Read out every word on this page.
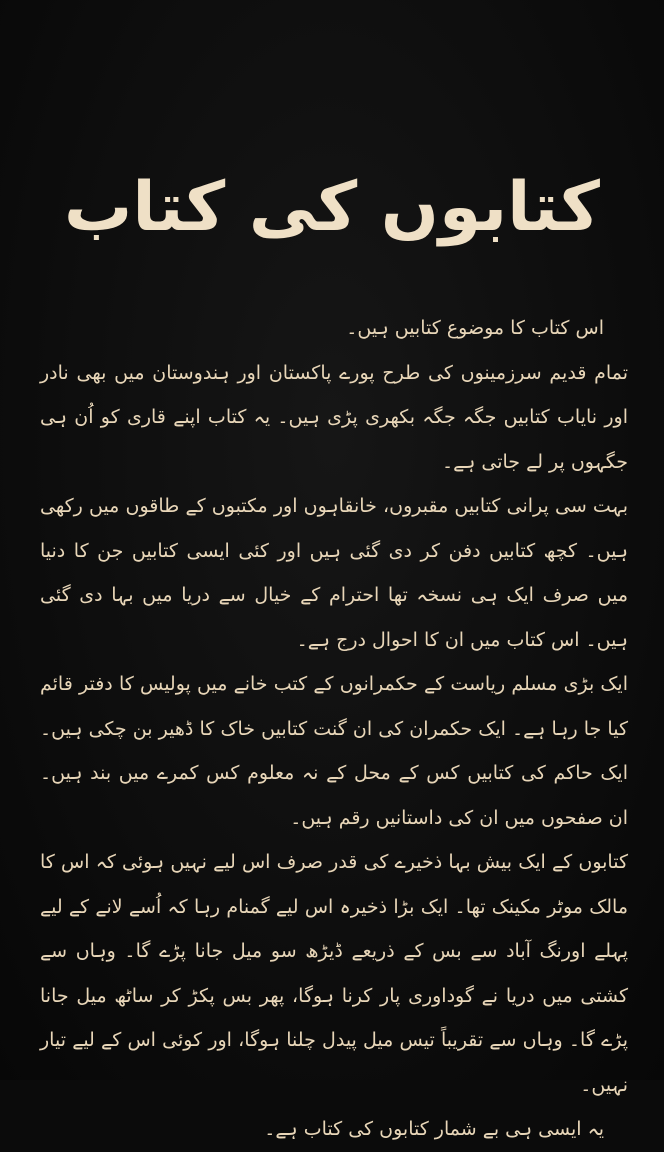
کتابوں کی کتاب

اس کتاب کا موضوع کتابیں ہیں۔

تمام قدیم سرزمینوں کی طرح پورے پاکستان اور ہندوستان میں بھی نادر اور نایاب کتابیں جگہ جگہ بکھری پڑی ہیں۔ یہ کتاب اپنے قاری کو اُن ہی جگہوں پر لے جاتی ہے۔

بہت سی پرانی کتابیں مقبروں، خانقاہوں اور مکتبوں کے طاقوں میں رکھی ہیں۔ کچھ کتابیں دفن کر دی گئی ہیں اور کئی ایسی کتابیں جن کا دنیا میں صرف ایک ہی نسخہ تھا احترام کے خیال سے دریا میں بہا دی گئی ہیں۔ اس کتاب میں ان کا احوال درج ہے۔

ایک بڑی مسلم ریاست کے حکمرانوں کے کتب خانے میں پولیس کا دفتر قائم کیا جا رہا ہے۔ ایک حکمران کی ان گنت کتابیں خاک کا ڈھیر بن چکی ہیں۔ ایک حاکم کی کتابیں کس کے محل کے نہ معلوم کس کمرے میں بند ہیں۔ ان صفحوں میں ان کی داستانیں رقم ہیں۔

کتابوں کے ایک بیش بہا ذخیرے کی قدر صرف اس لیے نہیں ہوئی کہ اس کا مالک موٹر مکینک تھا۔ ایک بڑا ذخیرہ اس لیے گمنام رہا کہ اُسے لانے کے لیے پہلے اورنگ آباد سے بس کے ذریعے ڈیڑھ سو میل جانا پڑے گا۔ وہاں سے کشتی میں دریا نے گوداوری پار کرنا ہوگا، پھر بس پکڑ کر ساٹھ میل جانا پڑے گا۔ وہاں سے تقریباً تیس میل پیدل چلنا ہوگا، اور کوئی اس کے لیے تیار نہیں۔

یہ ایسی ہی بے شمار کتابوں کی کتاب ہے۔
